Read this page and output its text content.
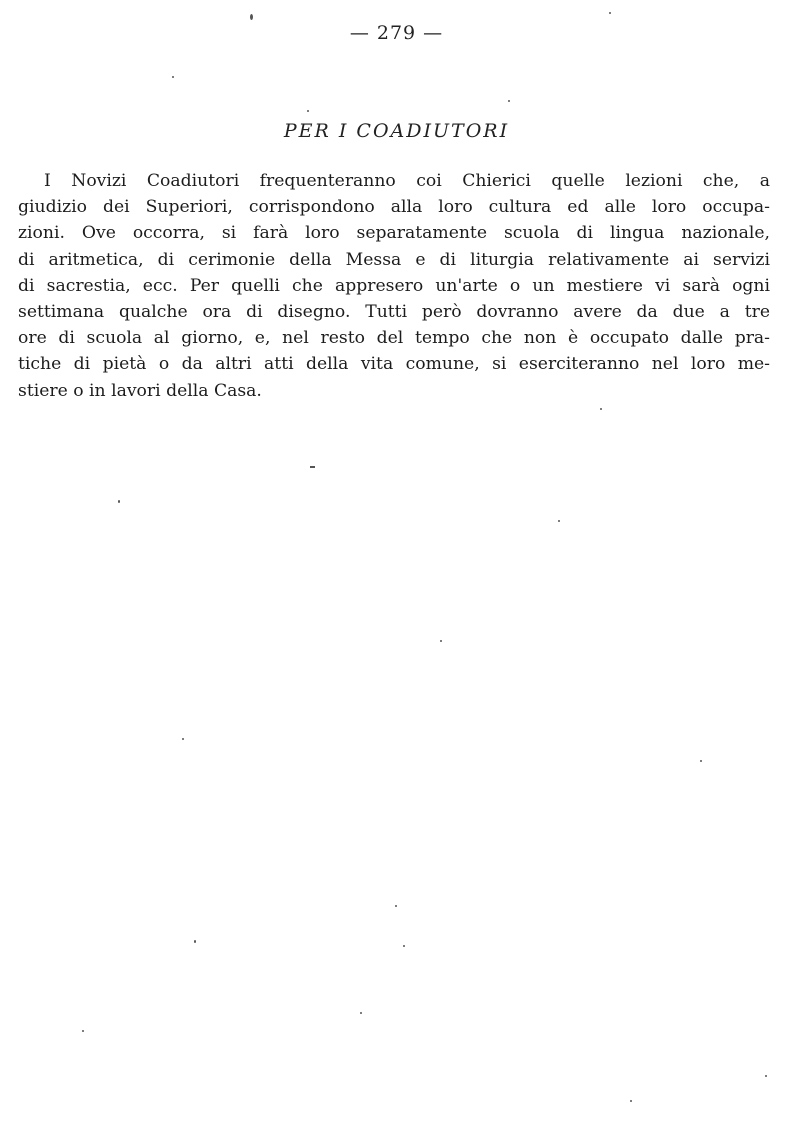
— 279 —
PER I COADIUTORI
I Novizi Coadiutori frequenteranno coi Chierici quelle lezioni che, a
giudizio dei Superiori, corrispondono alla loro cultura ed alle loro occupa-
zioni. Ove occorra, si farà loro separatamente scuola di lingua nazionale,
di aritmetica, di cerimonie della Messa e di liturgia relativamente ai servizi
di sacrestia, ecc. Per quelli che appresero un'arte o un mestiere vi sarà ogni
settimana qualche ora di disegno. Tutti però dovranno avere da due a tre
ore di scuola al giorno, e, nel resto del tempo che non è occupato dalle pra-
tiche di pietà o da altri atti della vita comune, si eserciteranno nel loro me-
stiere o in lavori della Casa.
